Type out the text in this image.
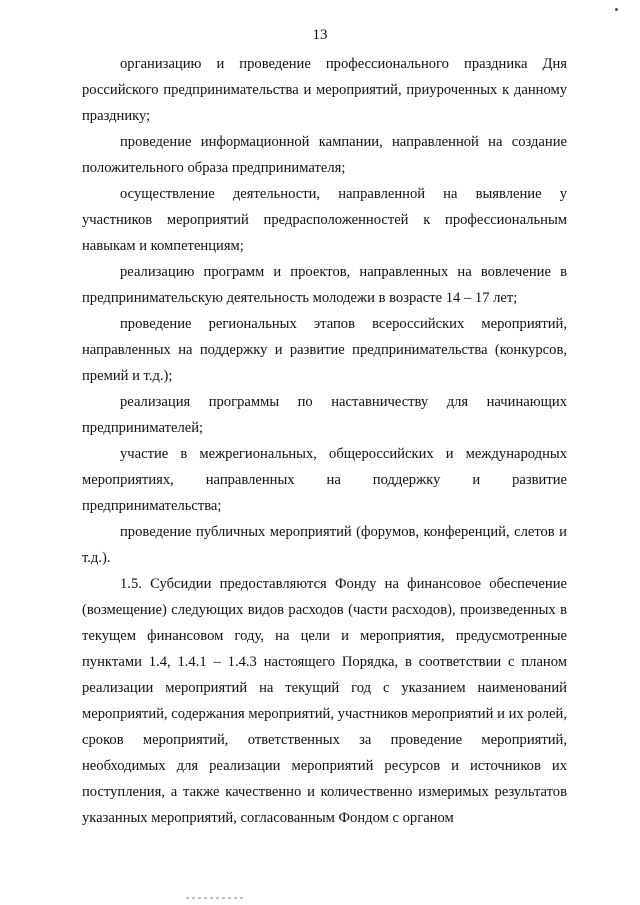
13

организацию и проведение профессионального праздника Дня российского предпринимательства и мероприятий, приуроченных к данному празднику;

проведение информационной кампании, направленной на создание положительного образа предпринимателя;

осуществление деятельности, направленной на выявление у участников мероприятий предрасположенностей к профессиональным навыкам и компетенциям;

реализацию программ и проектов, направленных на вовлечение в предпринимательскую деятельность молодежи в возрасте 14 – 17 лет;

проведение региональных этапов всероссийских мероприятий, направленных на поддержку и развитие предпринимательства (конкурсов, премий и т.д.);

реализация программы по наставничеству для начинающих предпринимателей;

участие в межрегиональных, общероссийских и международных мероприятиях, направленных на поддержку и развитие предпринимательства;

проведение публичных мероприятий (форумов, конференций, слетов и т.д.).

1.5. Субсидии предоставляются Фонду на финансовое обеспечение (возмещение) следующих видов расходов (части расходов), произведенных в текущем финансовом году, на цели и мероприятия, предусмотренные пунктами 1.4, 1.4.1 – 1.4.3 настоящего Порядка, в соответствии с планом реализации мероприятий на текущий год с указанием наименований мероприятий, содержания мероприятий, участников мероприятий и их ролей, сроков мероприятий, ответственных за проведение мероприятий, необходимых для реализации мероприятий ресурсов и источников их поступления, а также качественно и количественно измеримых результатов указанных мероприятий, согласованным Фондом с органом
